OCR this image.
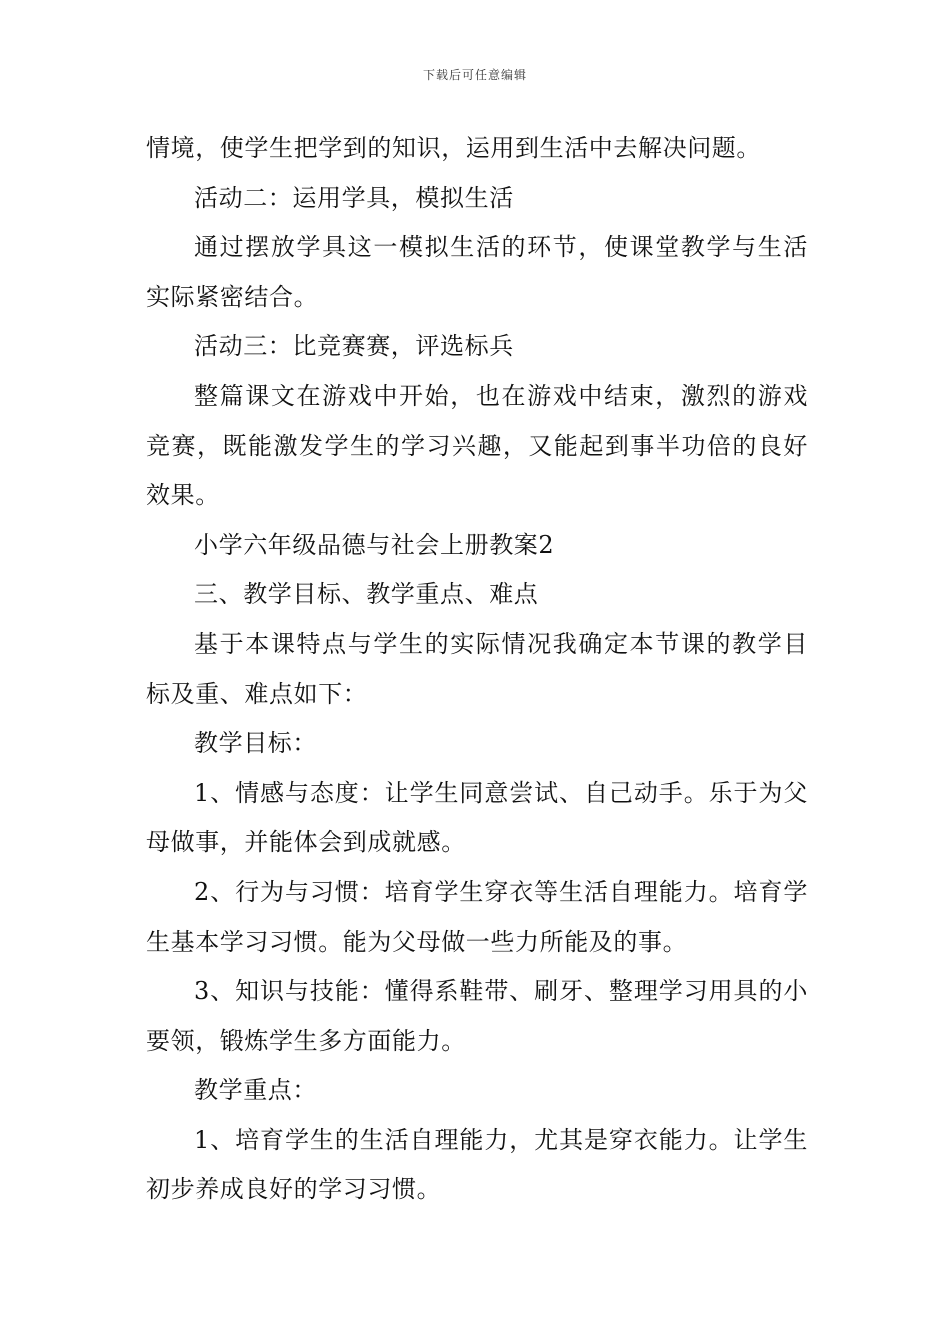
下载后可任意编辑

情境，使学生把学到的知识，运用到生活中去解决问题。

活动二：运用学具，模拟生活

通过摆放学具这一模拟生活的环节，使课堂教学与生活实际紧密结合。

活动三：比竞赛赛，评选标兵

整篇课文在游戏中开始，也在游戏中结束，激烈的游戏竞赛，既能激发学生的学习兴趣，又能起到事半功倍的良好效果。

小学六年级品德与社会上册教案2

三、教学目标、教学重点、难点

基于本课特点与学生的实际情况我确定本节课的教学目标及重、难点如下：

教学目标：

1、情感与态度：让学生同意尝试、自己动手。乐于为父母做事，并能体会到成就感。

2、行为与习惯：培育学生穿衣等生活自理能力。培育学生基本学习习惯。能为父母做一些力所能及的事。

3、知识与技能：懂得系鞋带、刷牙、整理学习用具的小要领，锻炼学生多方面能力。

教学重点：

1、培育学生的生活自理能力，尤其是穿衣能力。让学生初步养成良好的学习习惯。
